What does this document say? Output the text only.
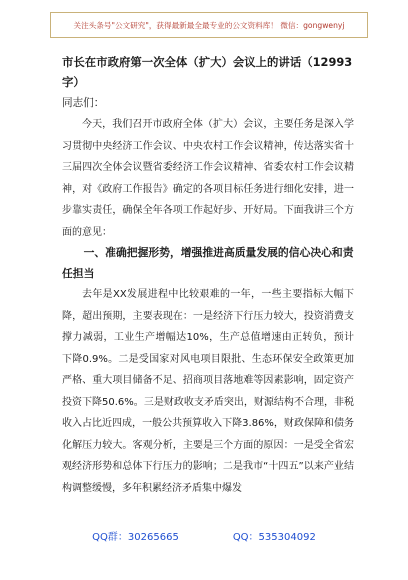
关注头条号"公文研究"，获得最新最全最专业的公文资料库！ 微信：gongwenyj

市长在市政府第一次全体（扩大）会议上的讲话（12993字）

同志们：

今天，我们召开市政府全体（扩大）会议，主要任务是深入学习贯彻中央经济工作会议、中央农村工作会议精神，传达落实省十三届四次全体会议暨省委经济工作会议精神、省委农村工作会议精神，对《政府工作报告》确定的各项目标任务进行细化安排，进一步靠实责任，确保全年各项工作起好步、开好局。下面我讲三个方面的意见：

一、准确把握形势，增强推进高质量发展的信心决心和责任担当

去年是XX发展进程中比较艰难的一年，一些主要指标大幅下降，超出预期，主要表现在：一是经济下行压力较大，投资消费支撑力减弱，工业生产增幅达10%，生产总值增速由正转负，预计下降0.9%。二是受国家对风电项目限批、生态环保安全政策更加严格、重大项目储备不足、招商项目落地难等因素影响，固定资产投资下降50.6%。三是财政收支矛盾突出，财源结构不合理，非税收入占比近四成，一般公共预算收入下降3.86%，财政保障和债务化解压力较大。客观分析，主要是三个方面的原因：一是受全省宏观经济形势和总体下行压力的影响；二是我市“十四五”以来产业结构调整缓慢，多年积累经济矛盾集中爆发

QQ群：30265665	QQ：535304092
